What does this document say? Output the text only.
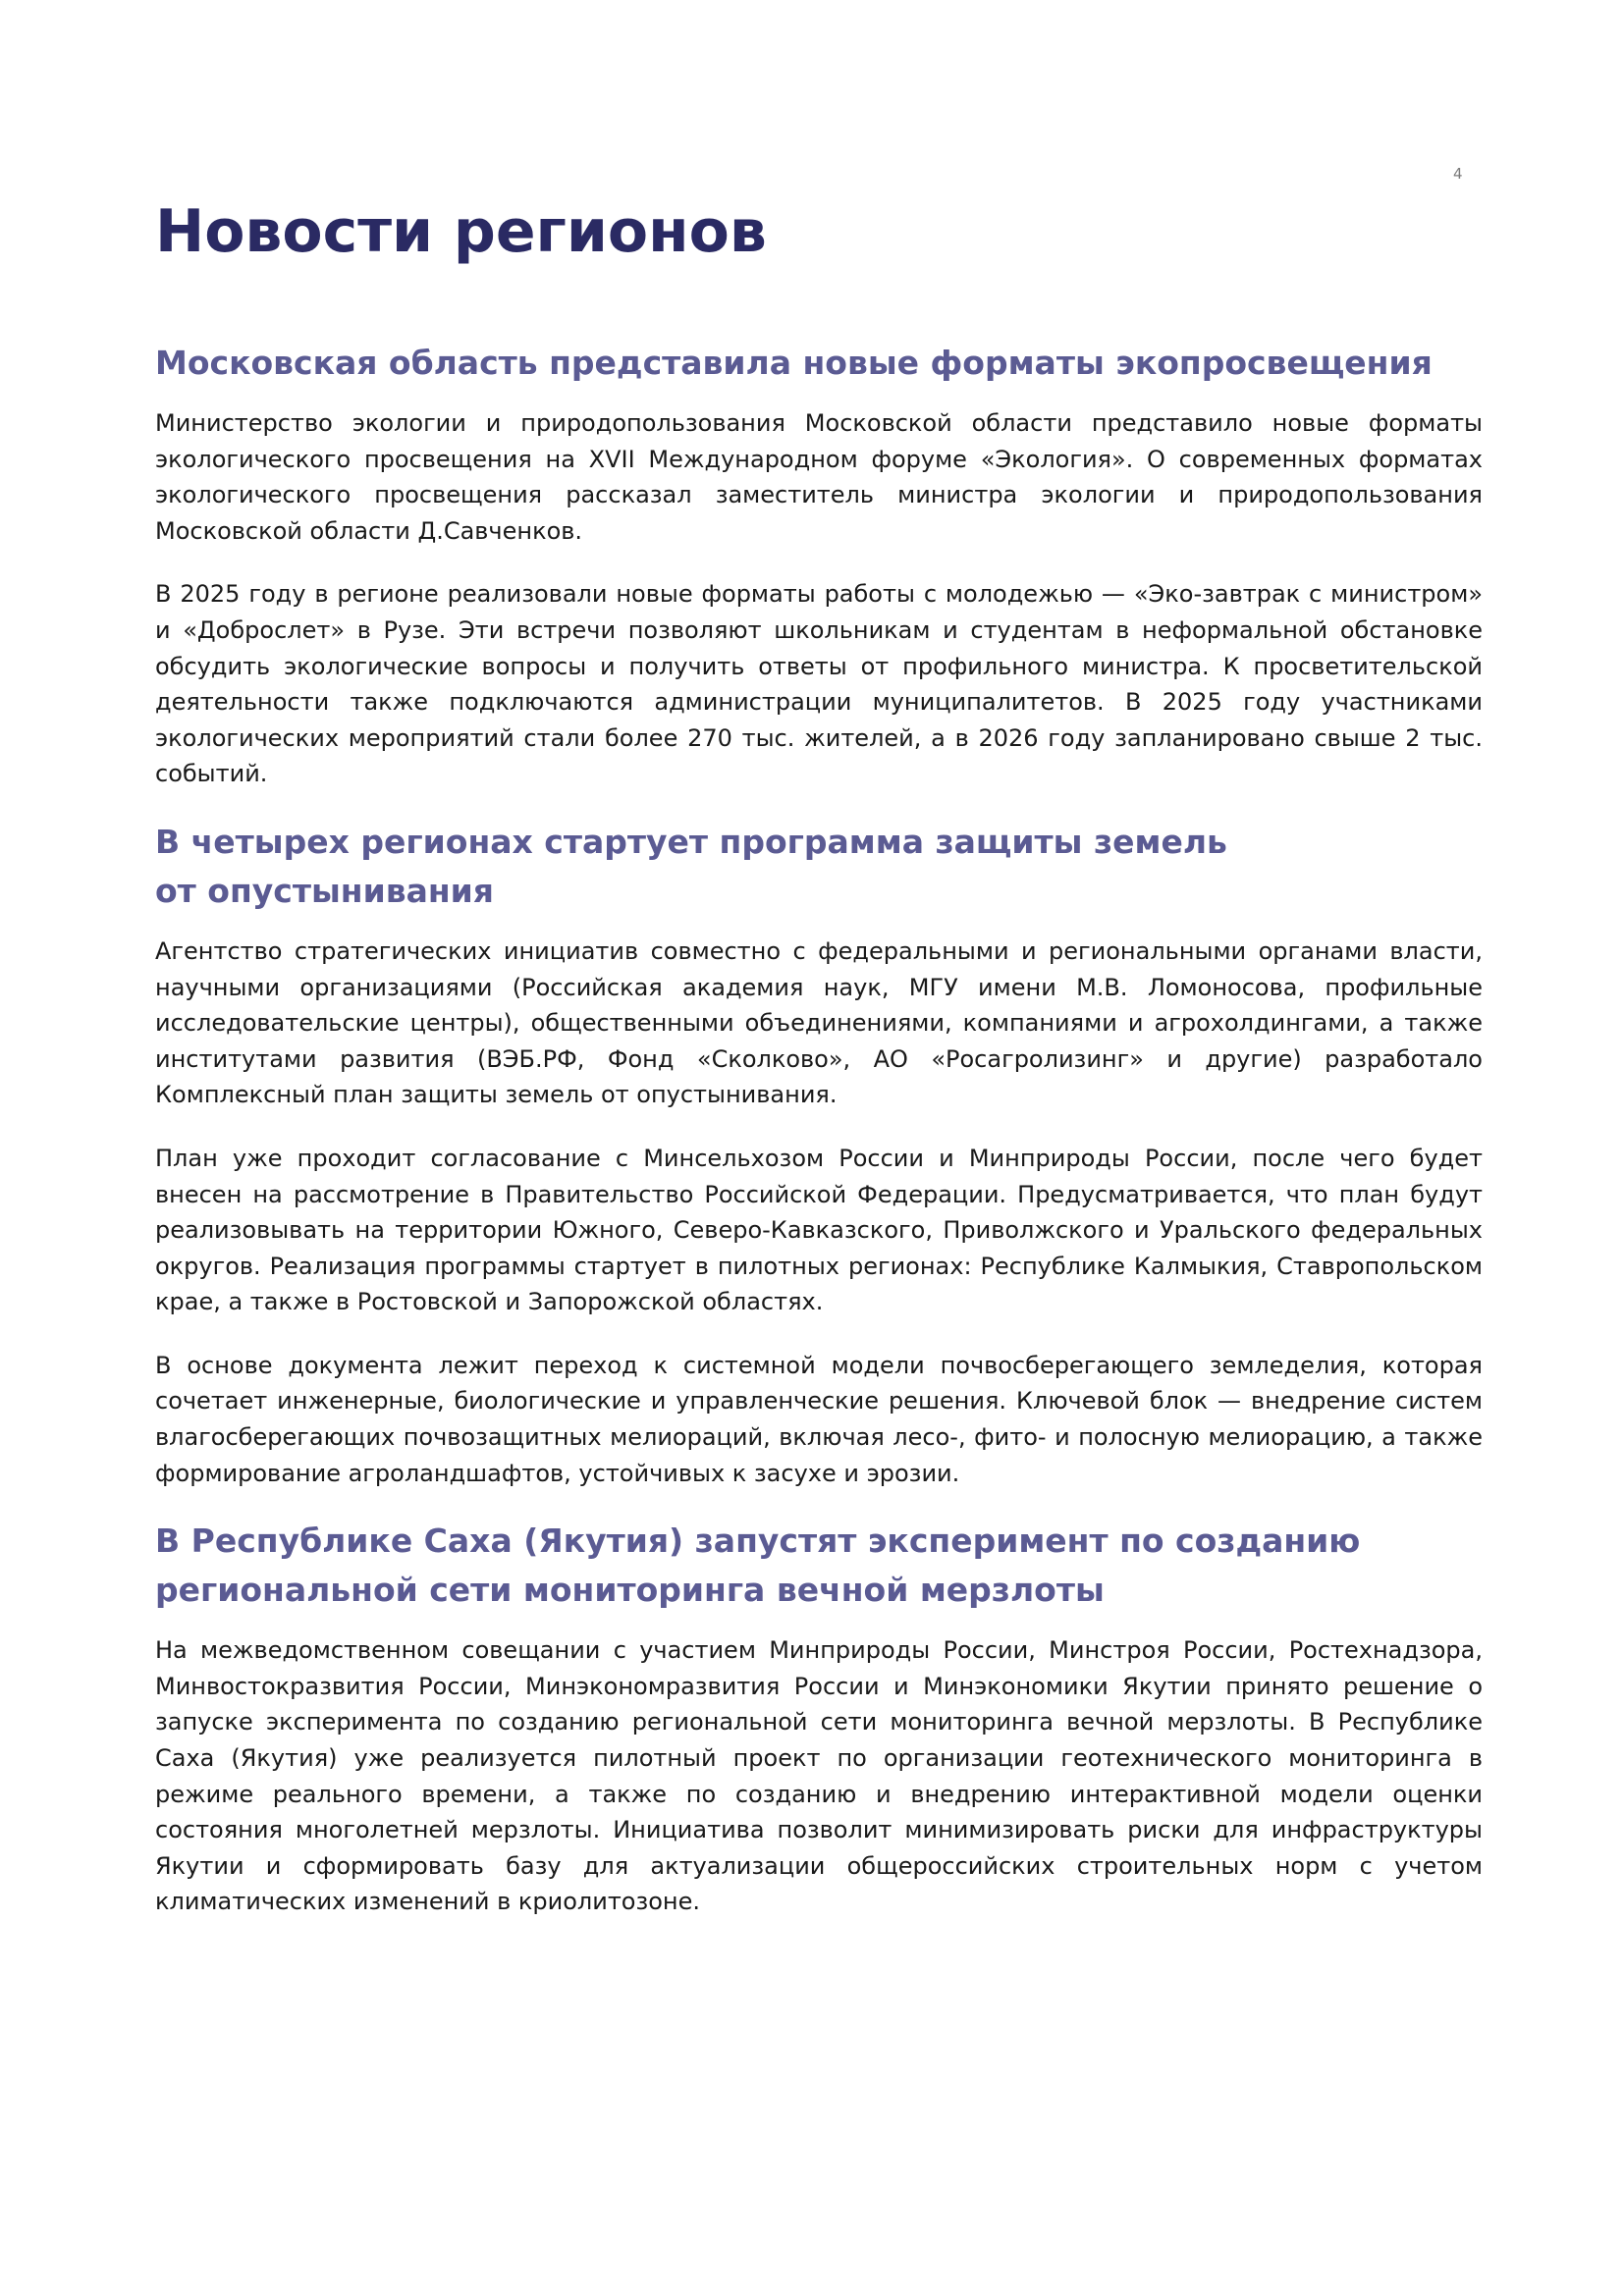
4
Новости регионов
Московская область представила новые форматы экопросвещения

Министерство экологии и природопользования Московской области представило новые форматы экологического просвещения на XVII Международном форуме «Экология». О современных форматах экологического просвещения рассказал заместитель министра экологии и природопользования Московской области Д.Савченков.

В 2025 году в регионе реализовали новые форматы работы с молодежью — «Эко-завтрак с министром» и «Доброслет» в Рузе. Эти встречи позволяют школьникам и студентам в неформальной обстановке обсудить экологические вопросы и получить ответы от профильного министра. К просветительской деятельности также подключаются администрации муниципалитетов. В 2025 году участниками экологических мероприятий стали более 270 тыс. жителей, а в 2026 году запланировано свыше 2 тыс. событий.

В четырех регионах стартует программа защиты земель от опустынивания

Агентство стратегических инициатив совместно с федеральными и региональными органами власти, научными организациями (Российская академия наук, МГУ имени М.В. Ломоносова, профильные исследовательские центры), общественными объединениями, компаниями и агрохолдингами, а также институтами развития (ВЭБ.РФ, Фонд «Сколково», АО «Росагролизинг» и другие) разработало Комплексный план защиты земель от опустынивания.

План уже проходит согласование с Минсельхозом России и Минприроды России, после чего будет внесен на рассмотрение в Правительство Российской Федерации. Предусматривается, что план будут реализовывать на территории Южного, Северо-Кавказского, Приволжского и Уральского федеральных округов. Реализация программы стартует в пилотных регионах: Республике Калмыкия, Ставропольском крае, а также в Ростовской и Запорожской областях.

В основе документа лежит переход к системной модели почвосберегающего земледелия, которая сочетает инженерные, биологические и управленческие решения. Ключевой блок — внедрение систем влагосберегающих почвозащитных мелиораций, включая лесо-, фито- и полосную мелиорацию, а также формирование агроландшафтов, устойчивых к засухе и эрозии.

В Республике Саха (Якутия) запустят эксперимент по созданию региональной сети мониторинга вечной мерзлоты

На межведомственном совещании с участием Минприроды России, Минстроя России, Ростехнадзора, Минвостокразвития России, Минэкономразвития России и Минэкономики Якутии принято решение о запуске эксперимента по созданию региональной сети мониторинга вечной мерзлоты. В Республике Саха (Якутия) уже реализуется пилотный проект по организации геотехнического мониторинга в режиме реального времени, а также по созданию и внедрению интерактивной модели оценки состояния многолетней мерзлоты. Инициатива позволит минимизировать риски для инфраструктуры Якутии и сформировать базу для актуализации общероссийских строительных норм с учетом климатических изменений в криолитозоне.
